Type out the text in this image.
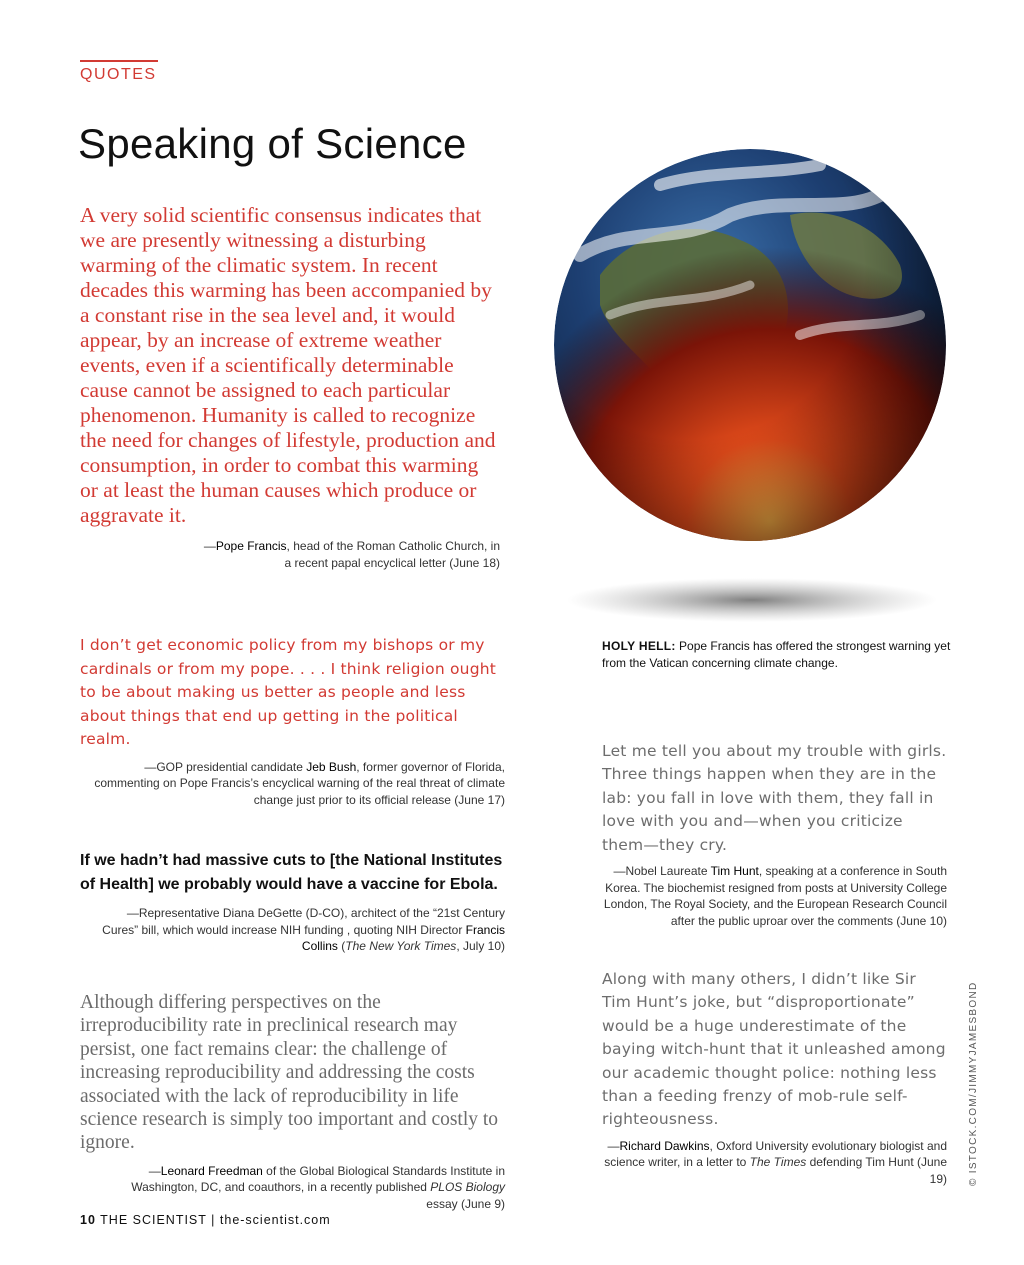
QUOTES
Speaking of Science

A very solid scientific consensus indicates that we are presently witnessing a disturbing warming of the climatic system. In recent decades this warming has been accompanied by a constant rise in the sea level and, it would appear, by an increase of extreme weather events, even if a scientifically determinable cause cannot be assigned to each particular phenomenon. Humanity is called to recognize the need for changes of lifestyle, production and consumption, in order to combat this warming or at least the human causes which produce or aggravate it.

—Pope Francis, head of the Roman Catholic Church, in a recent papal encyclical letter (June 18)

I don’t get economic policy from my bishops or my cardinals or from my pope. . . . I think religion ought to be about making us better as people and less about things that end up getting in the political realm.

—GOP presidential candidate Jeb Bush, former governor of Florida, commenting on Pope Francis’s encyclical warning of the real threat of climate change just prior to its official release (June 17)

If we hadn’t had massive cuts to [the National Institutes of Health] we probably would have a vaccine for Ebola.

—Representative Diana DeGette (D-CO), architect of the “21st Century Cures” bill, which would increase NIH funding , quoting NIH Director Francis Collins (The New York Times, July 10)

Although differing perspectives on the irreproducibility rate in preclinical research may persist, one fact remains clear: the challenge of increasing reproducibility and addressing the costs associated with the lack of reproducibility in life science research is simply too important and costly to ignore.

—Leonard Freedman of the Global Biological Standards Institute in Washington, DC, and coauthors, in a recently published PLOS Biology essay (June 9)

HOLY HELL: Pope Francis has offered the strongest warning yet from the Vatican concerning climate change.

Let me tell you about my trouble with girls. Three things happen when they are in the lab: you fall in love with them, they fall in love with you and—when you criticize them—they cry.

—Nobel Laureate Tim Hunt, speaking at a conference in South Korea. The biochemist resigned from posts at University College London, The Royal Society, and the European Research Council after the public uproar over the comments (June 10)

Along with many others, I didn’t like Sir Tim Hunt’s joke, but “disproportionate” would be a huge underestimate of the baying witch-hunt that it unleashed among our academic thought police: nothing less than a feeding frenzy of mob-rule self-righteousness.

—Richard Dawkins, Oxford University evolutionary biologist and science writer, in a letter to The Times defending Tim Hunt (June 19) © ISTOCK.COM/JIMMYJAMESBOND
10 THE SCIENTIST | the-scientist.com
